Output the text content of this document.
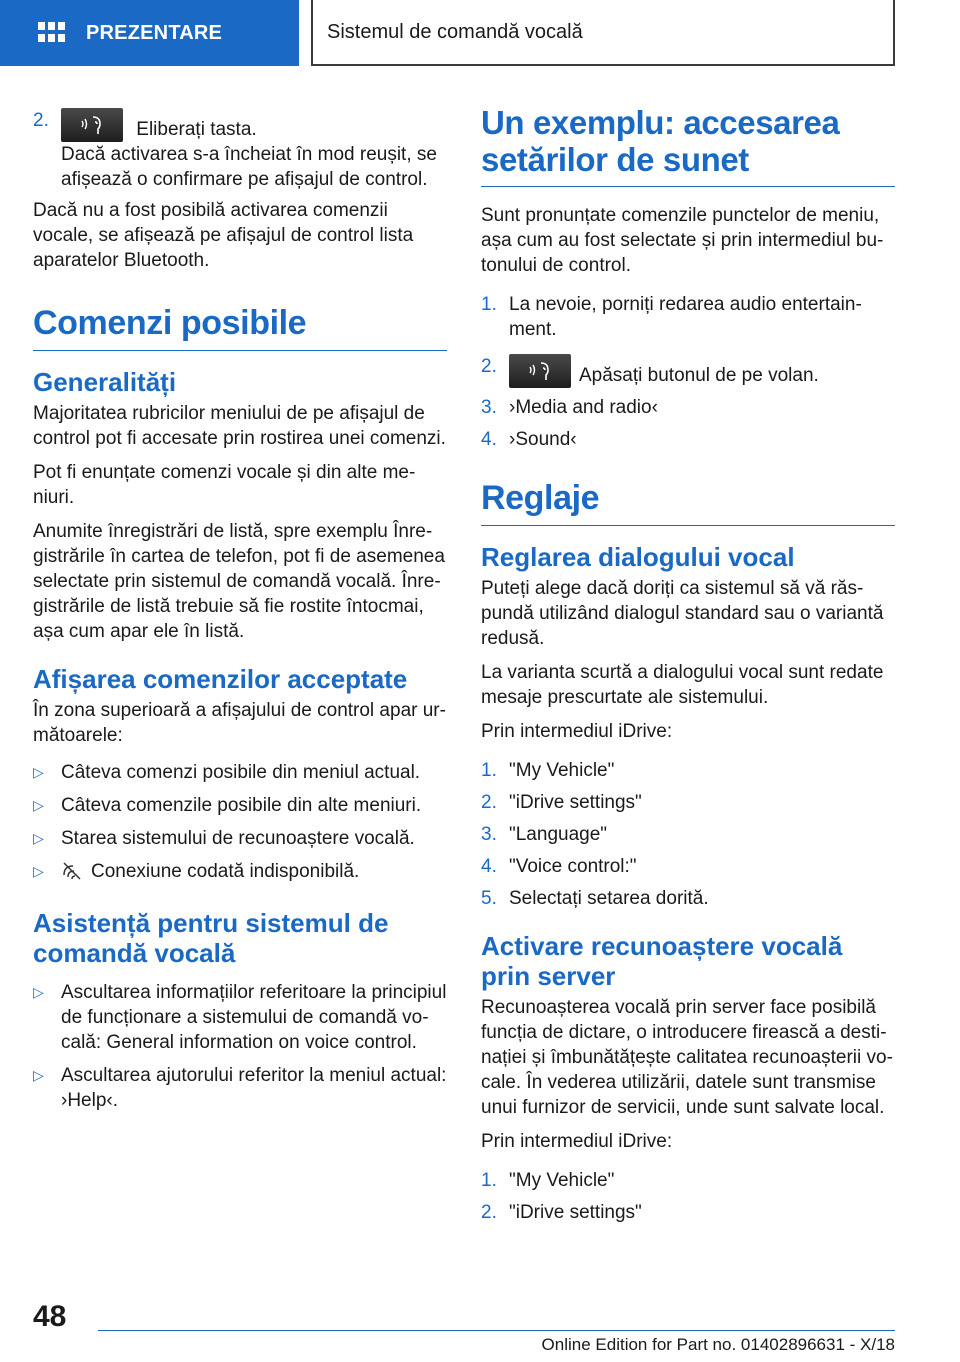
PREZENTARE	Sistemul de comandă vocală
2.	Eliberați tasta.
Dacă activarea s-a încheiat în mod reușit, se afișează o confirmare pe afișajul de control.

Dacă nu a fost posibilă activarea comenzii vocale, se afișează pe afișajul de control lista aparatelor Bluetooth.

Comenzi posibile
Generalități

Majoritatea rubricilor meniului de pe afișajul de control pot fi accesate prin rostirea unei comenzi.

Pot fi enunțate comenzi vocale și din alte meniuri.

Anumite înregistrări de listă, spre exemplu Înregistrările în cartea de telefon, pot fi de asemenea selectate prin sistemul de comandă vocală. Înregistrările de listă trebuie să fie rostite întocmai, așa cum apar ele în listă.

Afișarea comenzilor acceptate

În zona superioară a afișajului de control apar următoarele:

▷ Câteva comenzi posibile din meniul actual.
▷ Câteva comenzile posibile din alte meniuri.
▷ Starea sistemului de recunoaștere vocală.
▷ Conexiune codată indisponibilă.
Asistență pentru sistemul de comandă vocală
▷ Ascultarea informațiilor referitoare la principiul de funcționare a sistemului de comandă vocală: General information on voice control.
▷ Ascultarea ajutorului referitor la meniul actual: ›Help‹.
Un exemplu: accesarea setărilor de sunet

Sunt pronunțate comenzile punctelor de meniu, așa cum au fost selectate și prin intermediul butonului de control.

1. La nevoie, porniți redarea audio entertainment.
2.	Apăsați butonul de pe volan.
3. ›Media and radio‹
4. ›Sound‹
Reglaje
Reglarea dialogului vocal

Puteți alege dacă doriți ca sistemul să vă răspundă utilizând dialogul standard sau o variantă redusă.

La varianta scurtă a dialogului vocal sunt redate mesaje prescurtate ale sistemului.

Prin intermediul iDrive:

1. "My Vehicle"
2. "iDrive settings"
3. "Language"
4. "Voice control:"
5. Selectați setarea dorită.
Activare recunoaștere vocală prin server

Recunoașterea vocală prin server face posibilă funcția de dictare, o introducere firească a destinației și îmbunătățește calitatea recunoașterii vocale. În vederea utilizării, datele sunt transmise unui furnizor de servicii, unde sunt salvate local.

Prin intermediul iDrive:

1. "My Vehicle"
2. "iDrive settings"
48
Online Edition for Part no. 01402896631 - X/18
